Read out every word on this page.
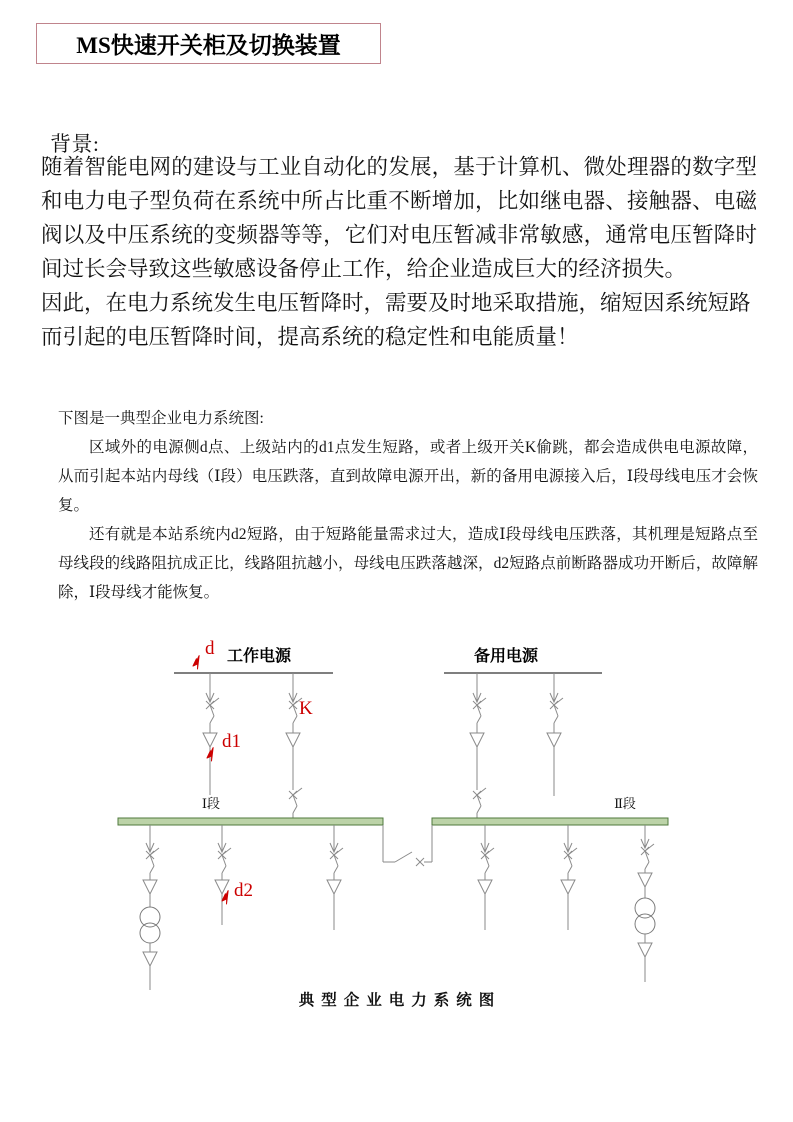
MS快速开关柜及切换装置
背景:

随着智能电网的建设与工业自动化的发展，基于计算机、微处理器的数字型和电力电子型负荷在系统中所占比重不断增加，比如继电器、接触器、电磁阀以及中压系统的变频器等等，它们对电压暂减非常敏感，通常电压暂降时间过长会导致这些敏感设备停止工作，给企业造成巨大的经济损失。

因此，在电力系统发生电压暂降时，需要及时地采取措施，缩短因系统短路而引起的电压暂降时间，提高系统的稳定性和电能质量！

下图是一典型企业电力系统图:

区域外的电源侧d点、上级站内的d1点发生短路，或者上级开关K偷跳，都会造成供电电源故障，从而引起本站内母线（Ⅰ段）电压跌落，直到故障电源开出，新的备用电源接入后，Ⅰ段母线电压才会恢复。

还有就是本站系统内d2短路，由于短路能量需求过大，造成Ⅰ段母线电压跌落，其机理是短路点至母线段的线路阻抗成正比，线路阻抗越小，母线电压跌落越深，d2短路点前断路器成功开断后，故障解除，Ⅰ段母线才能恢复。

工作电源
d
d1
K
备用电源
Ⅰ段	Ⅱ段
d2
典型企业电力系统图
